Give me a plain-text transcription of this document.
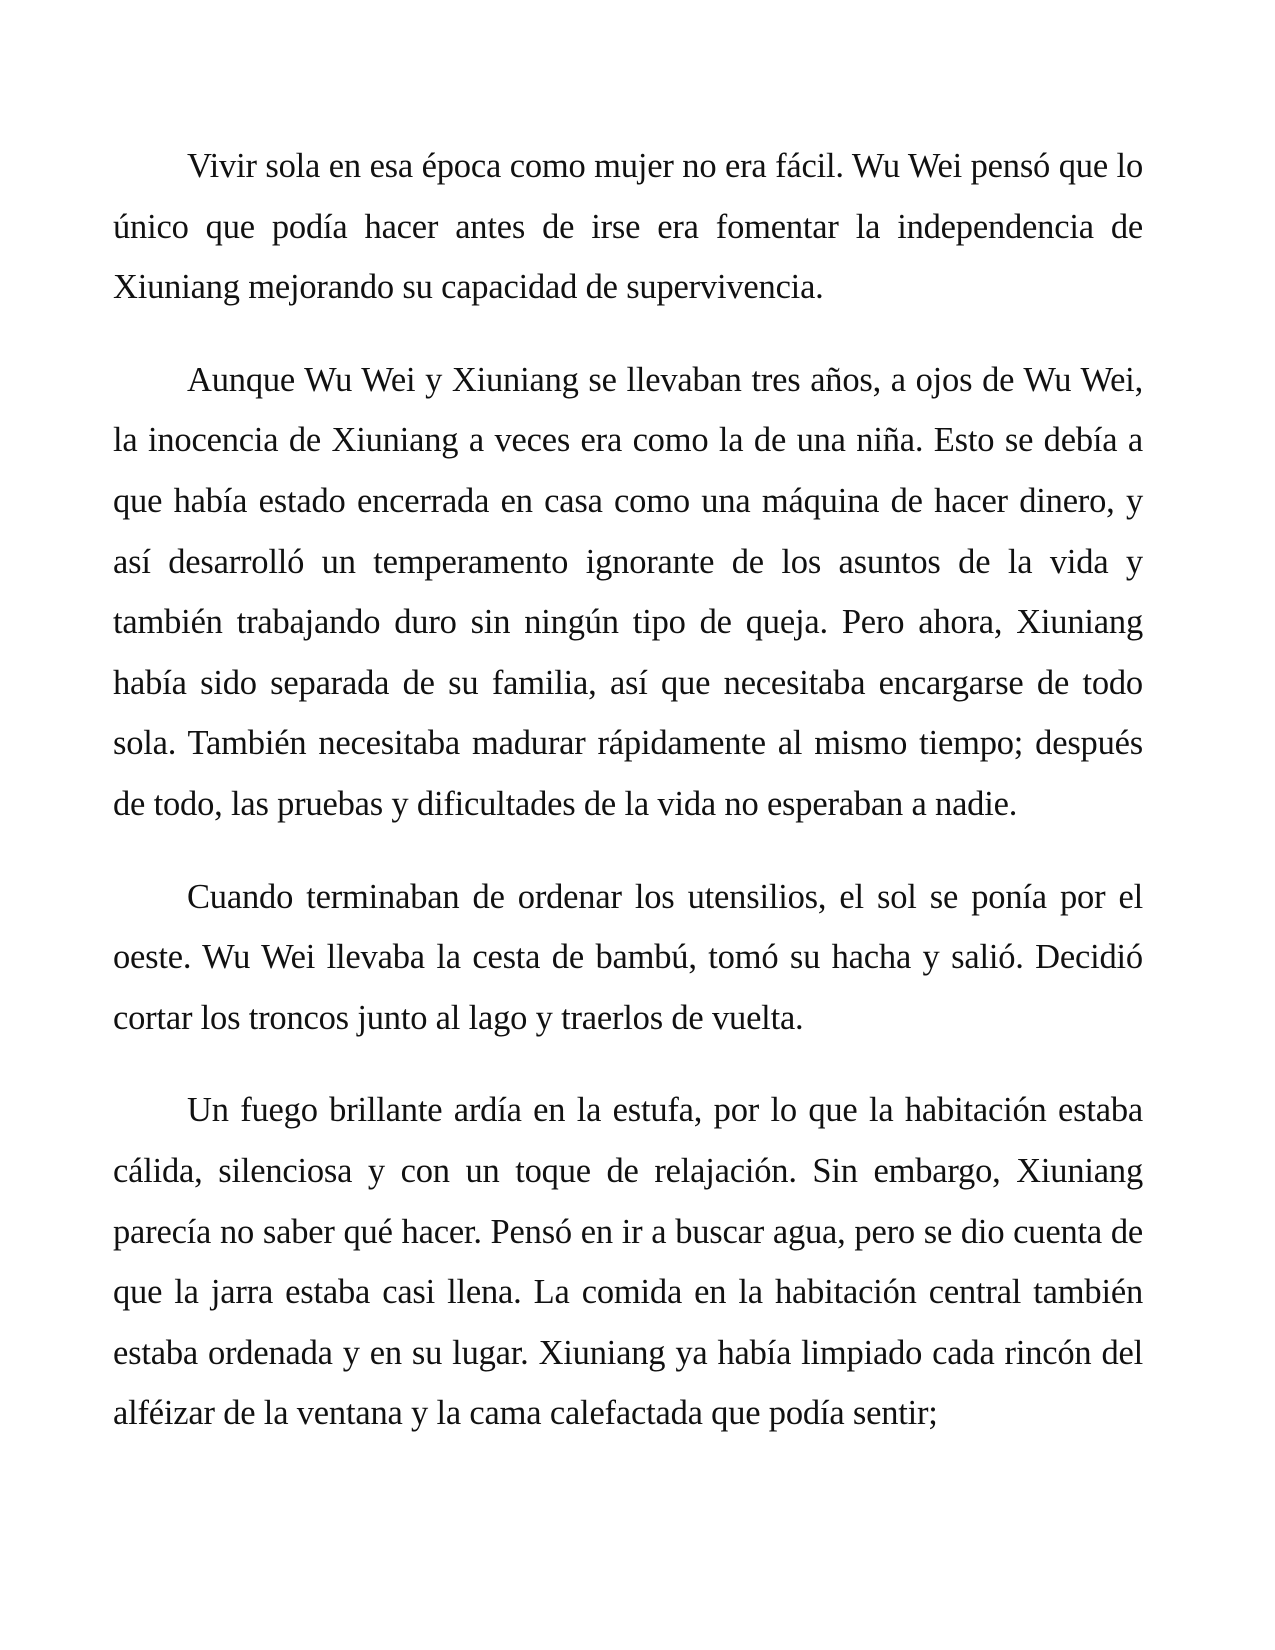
Vivir sola en esa época como mujer no era fácil. Wu Wei pensó que lo único que podía hacer antes de irse era fomentar la independencia de Xiuniang mejorando su capacidad de supervivencia.

Aunque Wu Wei y Xiuniang se llevaban tres años, a ojos de Wu Wei, la inocencia de Xiuniang a veces era como la de una niña. Esto se debía a que había estado encerrada en casa como una máquina de hacer dinero, y así desarrolló un temperamento ignorante de los asuntos de la vida y también trabajando duro sin ningún tipo de queja. Pero ahora, Xiuniang había sido separada de su familia, así que necesitaba encargarse de todo sola. También necesitaba madurar rápidamente al mismo tiempo; después de todo, las pruebas y dificultades de la vida no esperaban a nadie.

Cuando terminaban de ordenar los utensilios, el sol se ponía por el oeste. Wu Wei llevaba la cesta de bambú, tomó su hacha y salió. Decidió cortar los troncos junto al lago y traerlos de vuelta.

Un fuego brillante ardía en la estufa, por lo que la habitación estaba cálida, silenciosa y con un toque de relajación. Sin embargo, Xiuniang parecía no saber qué hacer. Pensó en ir a buscar agua, pero se dio cuenta de que la jarra estaba casi llena. La comida en la habitación central también estaba ordenada y en su lugar. Xiuniang ya había limpiado cada rincón del alféizar de la ventana y la cama calefactada que podía sentir;
